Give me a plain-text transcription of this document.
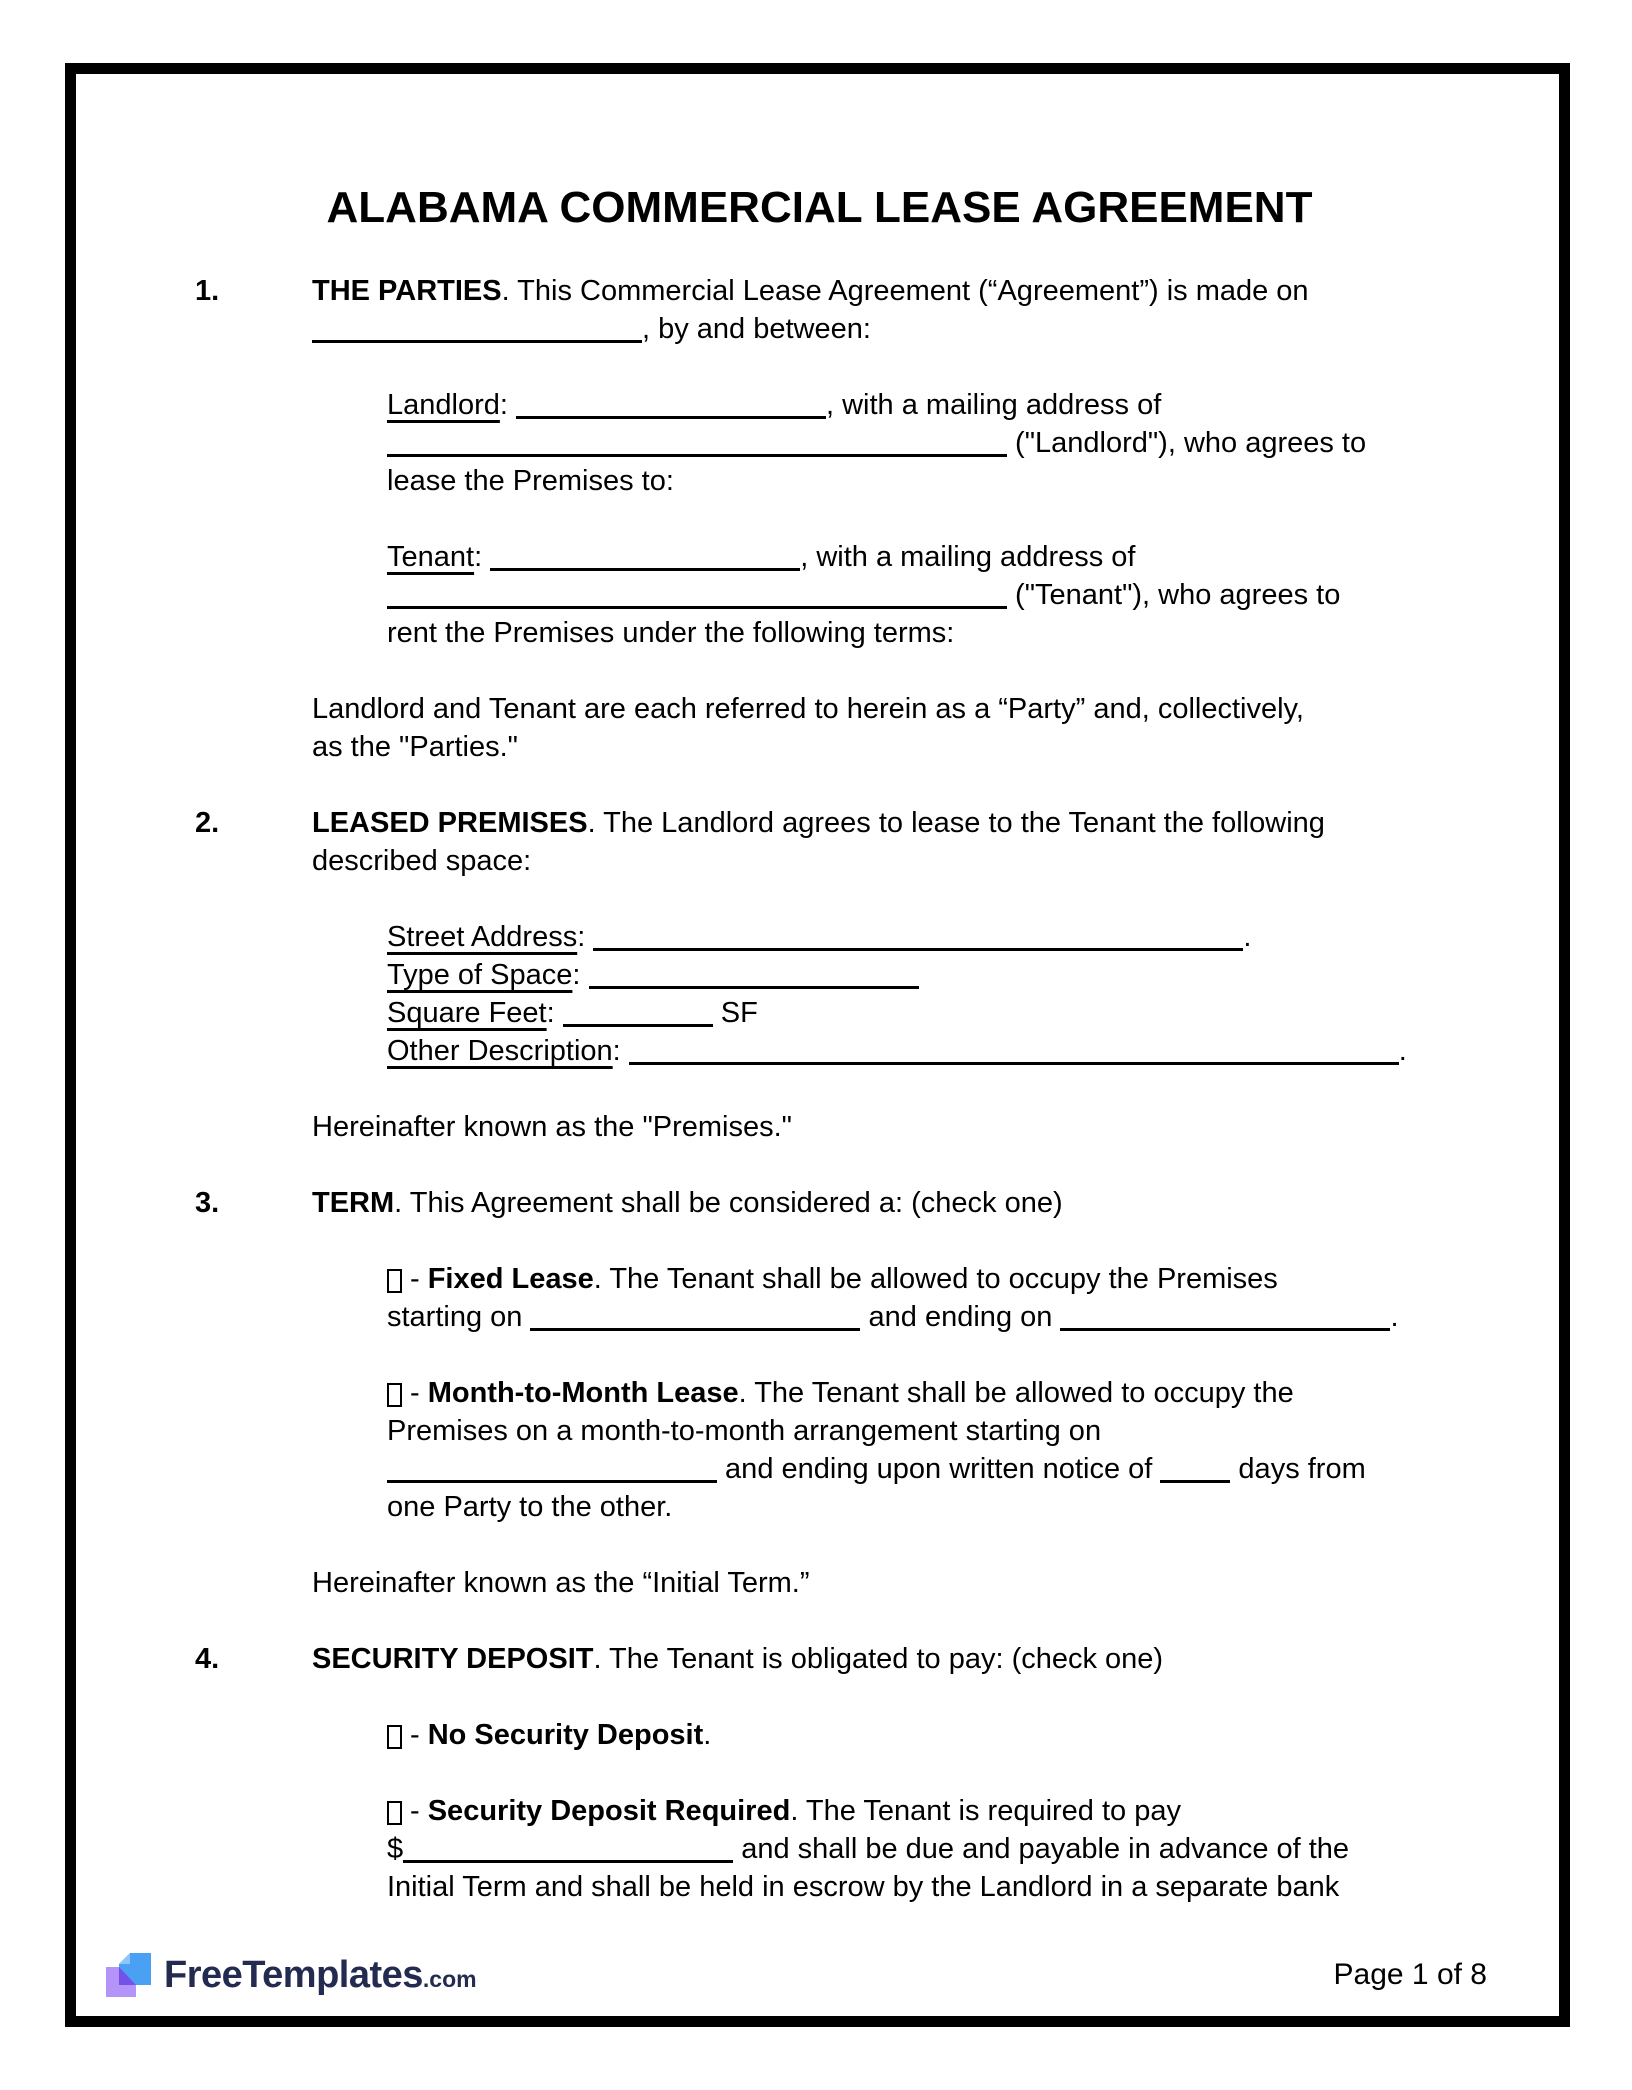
ALABAMA COMMERCIAL LEASE AGREEMENT
1.	THE PARTIES. This Commercial Lease Agreement (“Agreement”) is made on
, by and between:
Landlord:	, with a mailing address of
("Landlord"), who agrees to
lease the Premises to:
Tenant:	, with a mailing address of
("Tenant"), who agrees to
rent the Premises under the following terms:
Landlord and Tenant are each referred to herein as a “Party” and, collectively,
as the "Parties."
2.	LEASED PREMISES. The Landlord agrees to lease to the Tenant the following
described space:
Street Address:	.
Type of Space:
Square Feet:	SF
Other Description:	.
Hereinafter known as the "Premises."
3.	TERM. This Agreement shall be considered a: (check one)
- Fixed Lease. The Tenant shall be allowed to occupy the Premises
starting on	and ending on	.
- Month-to-Month Lease. The Tenant shall be allowed to occupy the
Premises on a month-to-month arrangement starting on
and ending upon written notice of  days from
one Party to the other.
Hereinafter known as the “Initial Term.”
4.	SECURITY DEPOSIT. The Tenant is obligated to pay: (check one)
- No Security Deposit.
- Security Deposit Required. The Tenant is required to pay
$	and shall be due and payable in advance of the
Initial Term and shall be held in escrow by the Landlord in a separate bank
FreeTemplates.com	Page 1 of 8
